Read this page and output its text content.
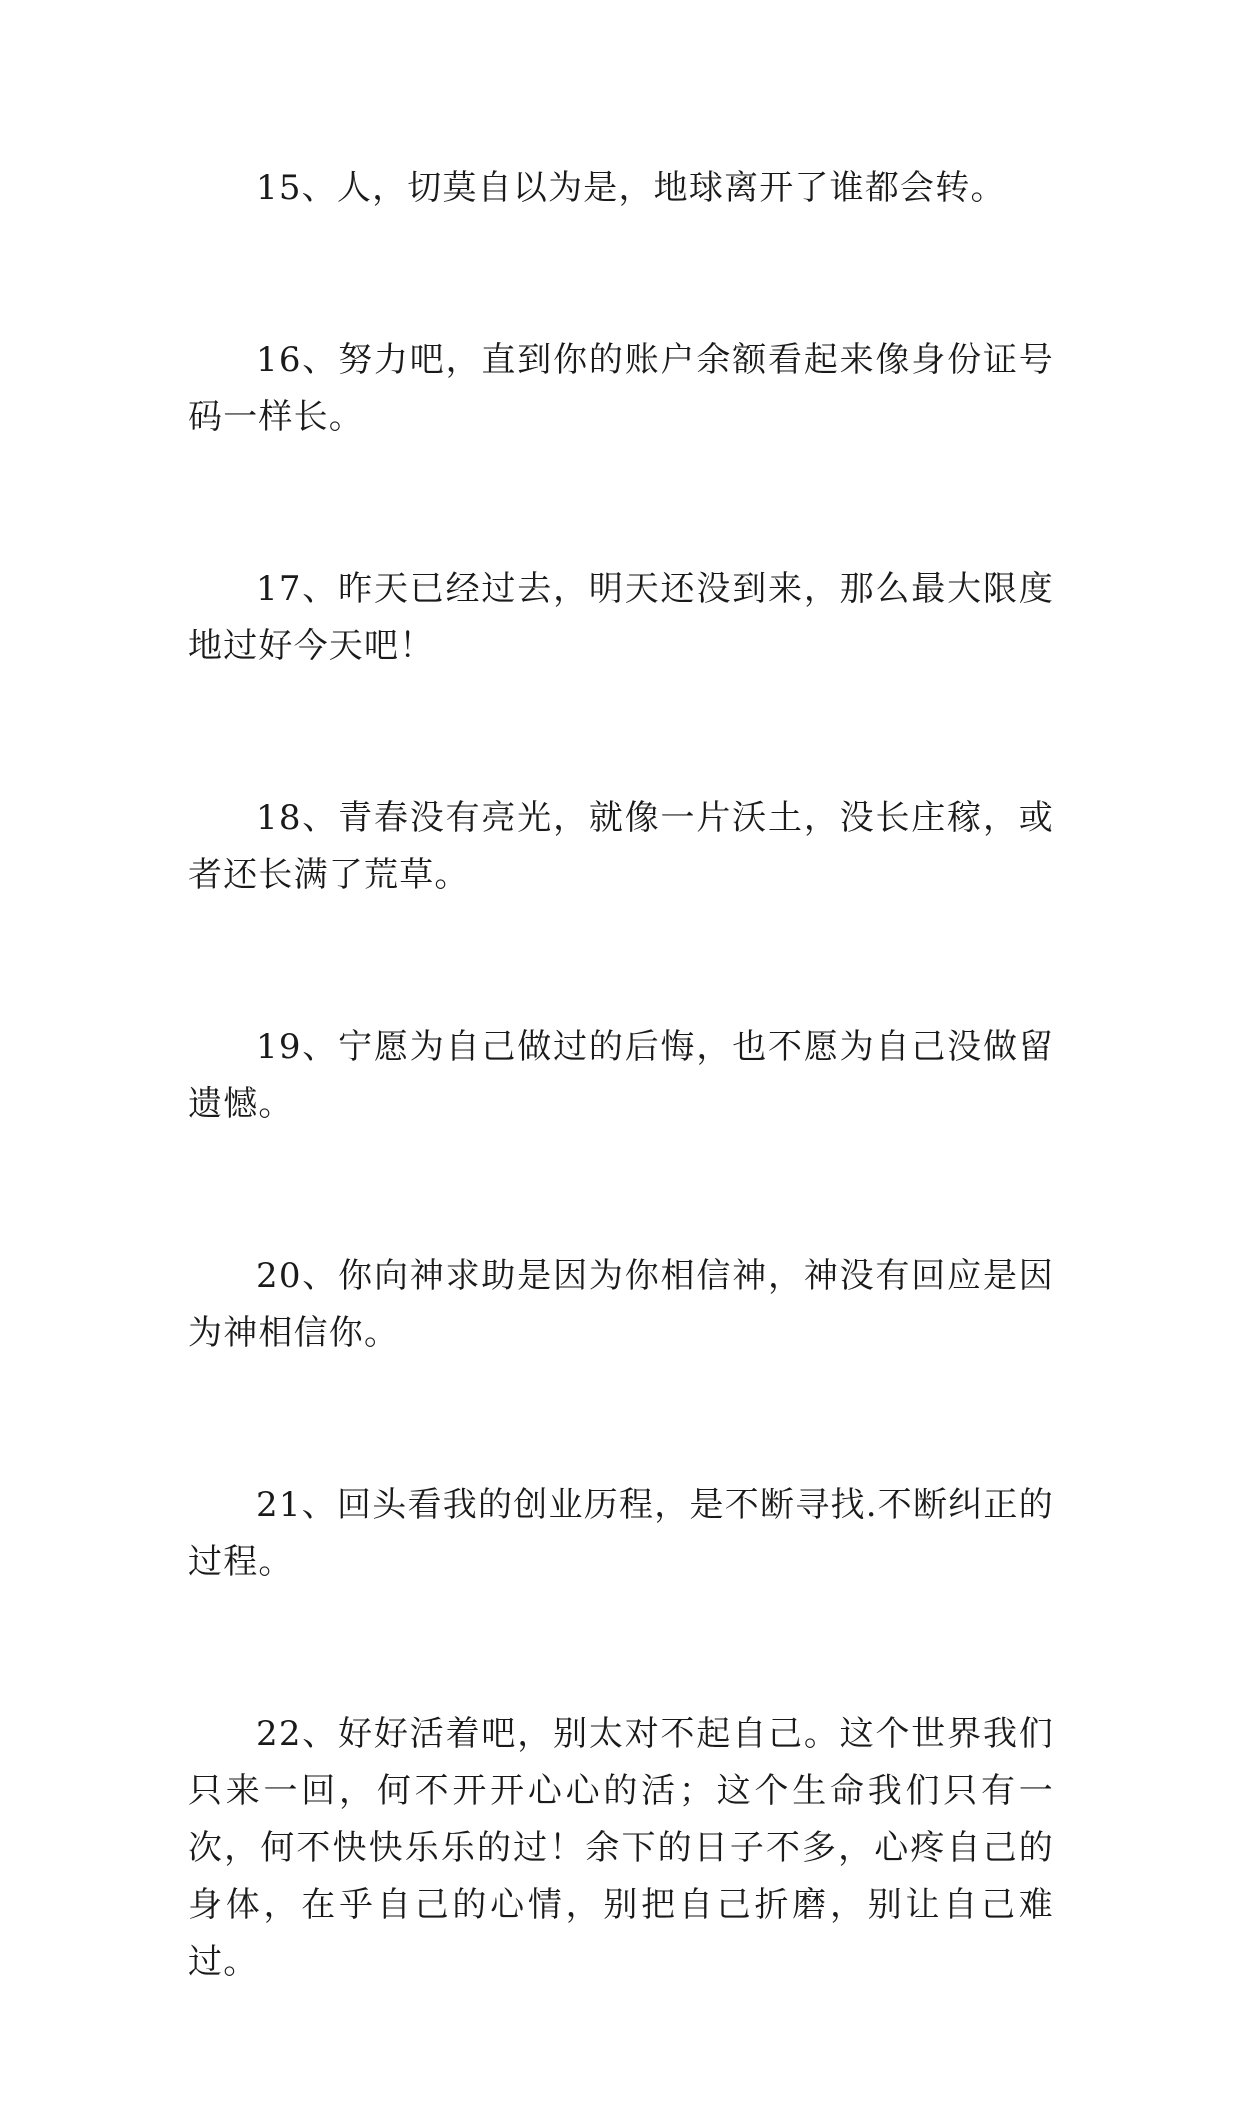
15、人，切莫自以为是，地球离开了谁都会转。

16、努力吧，直到你的账户余额看起来像身份证号码一样长。

17、昨天已经过去，明天还没到来，那么最大限度地过好今天吧！

18、青春没有亮光，就像一片沃土，没长庄稼，或者还长满了荒草。

19、宁愿为自己做过的后悔，也不愿为自己没做留遗憾。

20、你向神求助是因为你相信神，神没有回应是因为神相信你。

21、回头看我的创业历程，是不断寻找.不断纠正的过程。

22、好好活着吧，别太对不起自己。这个世界我们只来一回，何不开开心心的活；这个生命我们只有一次，何不快快乐乐的过！余下的日子不多，心疼自己的身体，在乎自己的心情，别把自己折磨，别让自己难过。
